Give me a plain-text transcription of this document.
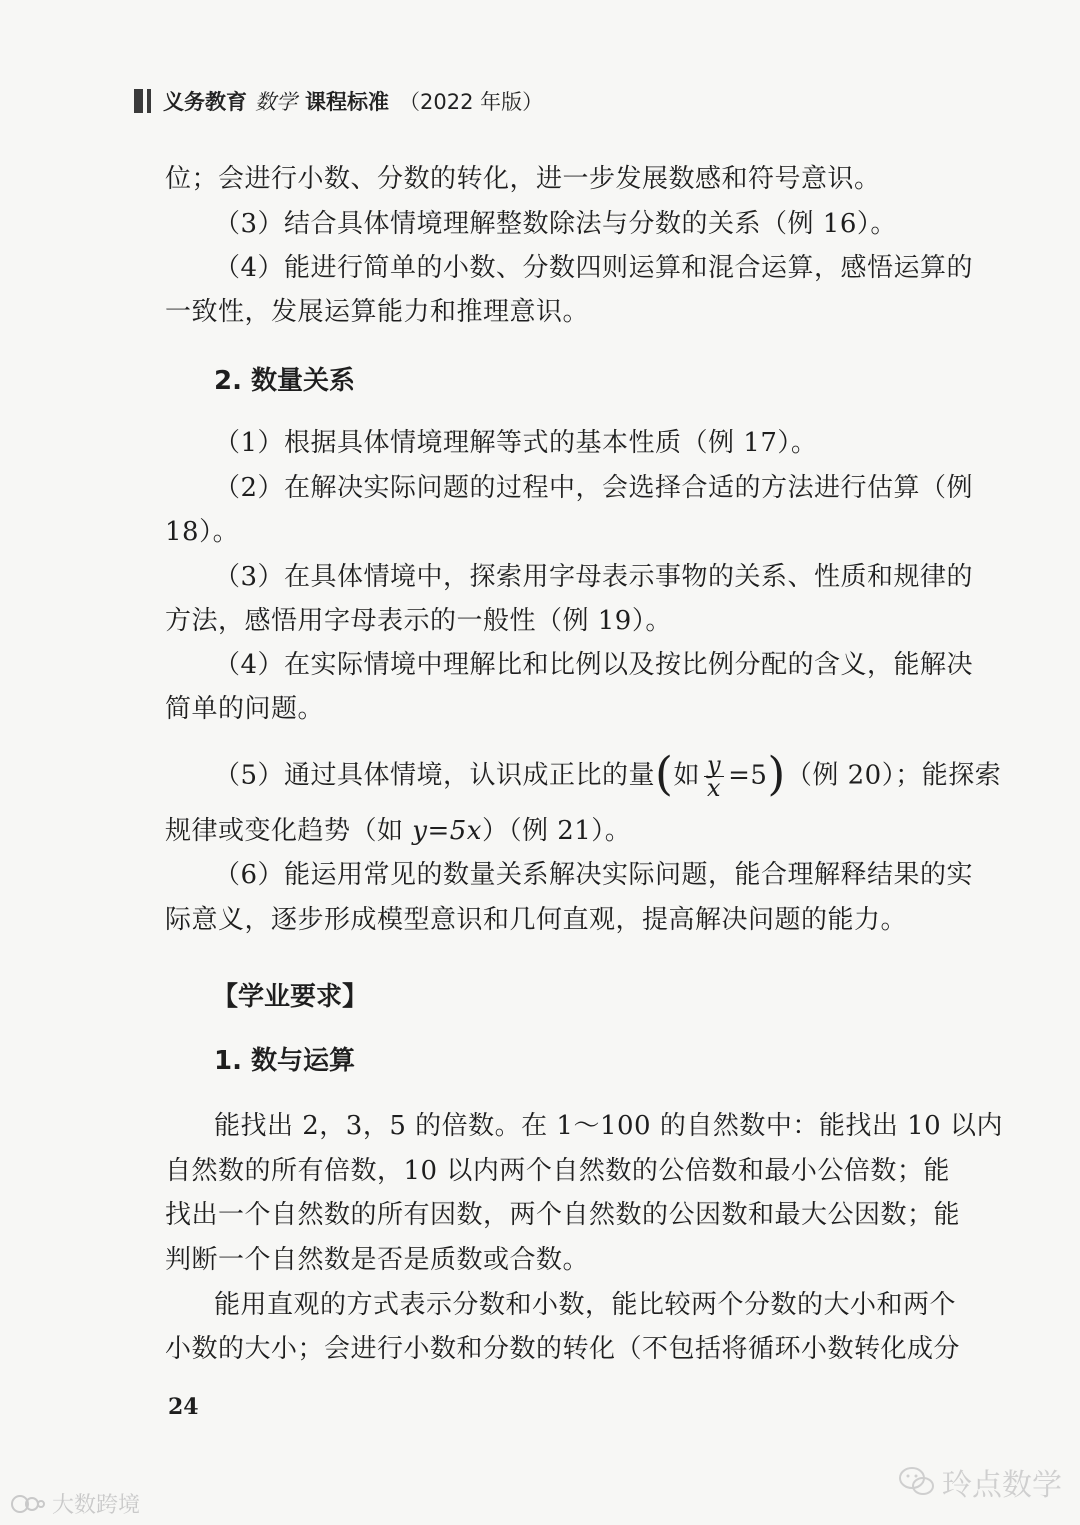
义务教育 数学 课程标准 （2022 年版）
位；会进行小数、分数的转化，进一步发展数感和符号意识。
（3）结合具体情境理解整数除法与分数的关系（例 16）。
（4）能进行简单的小数、分数四则运算和混合运算，感悟运算的
一致性，发展运算能力和推理意识。
2. 数量关系
（1）根据具体情境理解等式的基本性质（例 17）。
（2）在解决实际问题的过程中，会选择合适的方法进行估算（例
18）。
（3）在具体情境中，探索用字母表示事物的关系、性质和规律的
方法，感悟用字母表示的一般性（例 19）。
（4）在实际情境中理解比和比例以及按比例分配的含义，能解决
简单的问题。
（5）通过具体情境，认识成正比的量(如 $\frac{y}{x} =5$)（例 20）；能探索
规律或变化趋势（如 y=5x）（例 21）。
（6）能运用常见的数量关系解决实际问题，能合理解释结果的实
际意义，逐步形成模型意识和几何直观，提高解决问题的能力。
【学业要求】
1. 数与运算
能找出 2，3，5 的倍数。在 1～100 的自然数中：能找出 10 以内
自然数的所有倍数，10 以内两个自然数的公倍数和最小公倍数；能
找出一个自然数的所有因数，两个自然数的公因数和最大公因数；能
判断一个自然数是否是质数或合数。
能用直观的方式表示分数和小数，能比较两个分数的大小和两个
小数的大小；会进行小数和分数的转化（不包括将循环小数转化成分
24
大数跨境
玲点数学
